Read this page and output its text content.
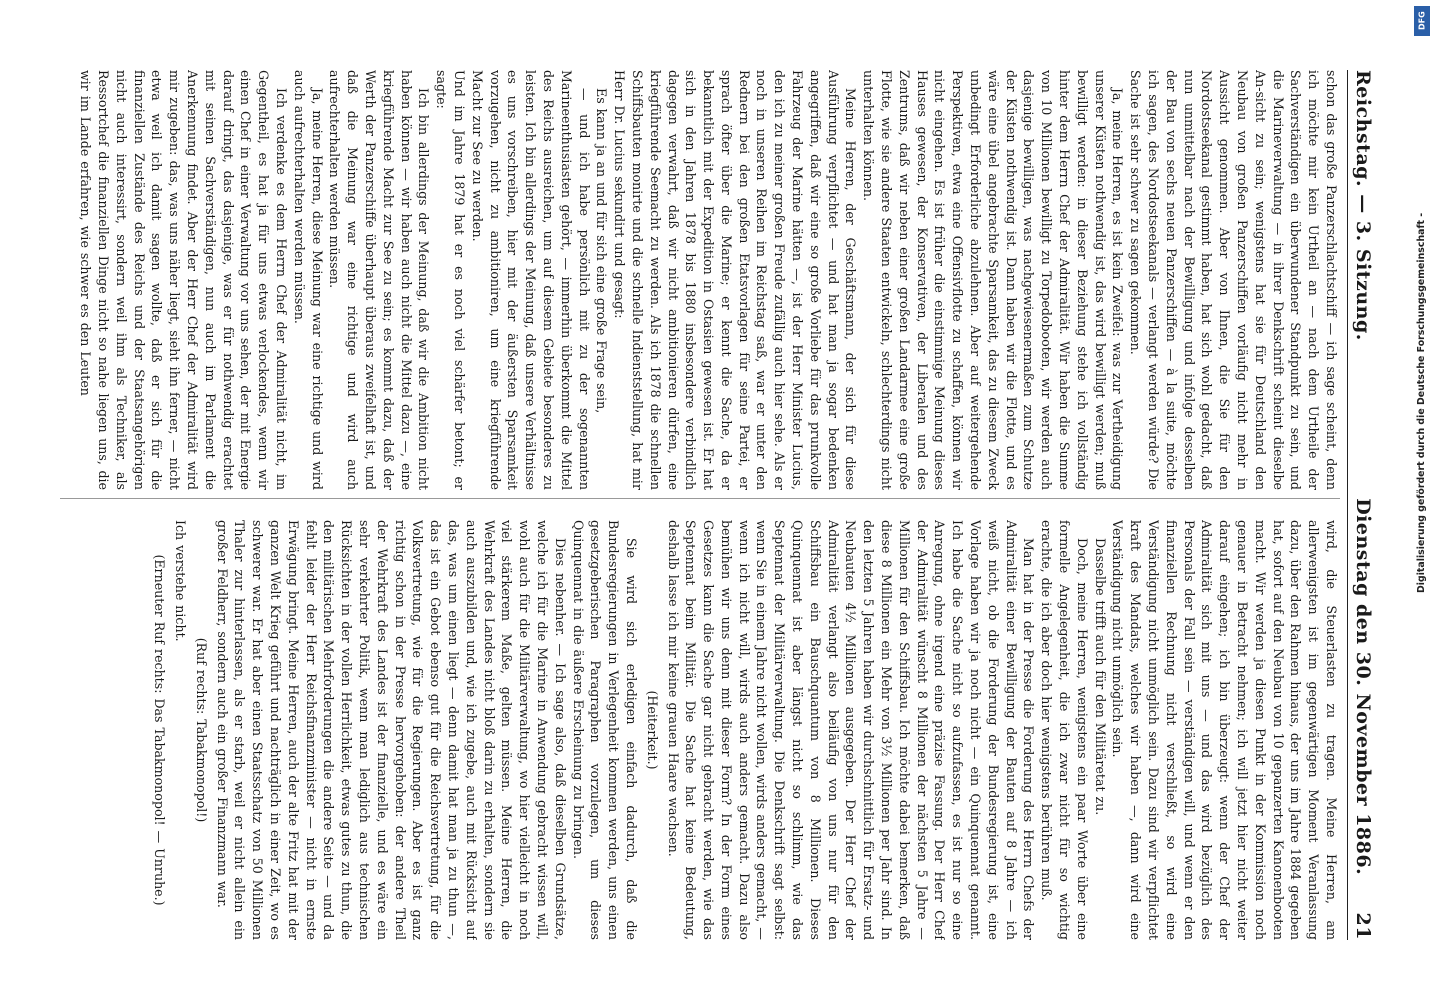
Reichstag. — 3. Sitzung.
Dienstag den 30. November 1886.
21

schon das große Panzerschlachtschiff — ich sage scheint, denn ich möchte mir kein Urtheil an — nach dem Urtheile der Sachverständigen ein überwundener Standpunkt zu sein, und die Marineverwaltung — in ihrer Denkschrift scheint dieselbe An-sicht zu sein; wenigstens hat sie für Deutschland den Neubau von großen Panzerschiffen vorläufig nicht mehr in Aussicht genommen. Aber von Ihnen, die Sie für den Nordostseekanal gestimmt haben, hat sich wohl gedacht, daß nun unmittelbar nach der Bewilligung und infolge desselben der Bau von sechs neuen Panzerschiffen — à la suite, möchte ich sagen, des Nordostseekanals — verlangt werden würde? Die Sache ist sehr schwer zu sagen gekommen.

Ja, meine Herren, es ist kein Zweifel: was zur Vertheidigung unserer Küsten nothwendig ist, das wird bewilligt werden; muß bewilligt werden: in dieser Beziehung stehe ich vollständig hinter dem Herrn Chef der Admiralität. Wir haben die Summe von 10 Millionen bewilligt zu Torpedobooten, wir werden auch dasjenige bewilligen, was nachgewiesenermaßen zum Schutze der Küsten nothwendig ist. Dann haben wir die Flotte, und es wäre eine übel angebrachte Sparsamkeit, das zu diesem Zweck unbedingt Erforderliche abzulehnen. Aber auf weitergehende Perspektiven, etwa eine Offensivflotte zu schaffen, können wir nicht eingehen. Es ist früher die einstimmige Meinung dieses Hauses gewesen, der Konservativen, der Liberalen und des Zentrums, daß wir neben einer großen Landarmee eine große Flotte, wie sie andere Staaten entwickeln, schlechterdings nicht unterhalten können.

Meine Herren, der Geschäftsmann, der sich für diese Ausführung verpflichtet — und hat man ja sogar bedenken angegriffen, daß wir eine so große Vorliebe für das prunkvolle Fahrzeug der Marine hätten —, ist der Herr Minister Lucius, den ich zu meiner großen Freude zufällig auch hier sehe. Als er noch in unseren Reihen im Reichstag saß, war er unter den Rednern bei den großen Etatsvorlagen für seine Partei, er sprach öfter über die Marine; er kennt die Sache, da er bekanntlich mit der Expedition in Ostasien gewesen ist. Er hat sich in den Jahren 1878 bis 1880 insbesondere verbindlich dagegen verwahrt, daß wir nicht ambitionieren dürfen, eine kriegführende Seemacht zu werden. Als ich 1878 die schnellen Schiffsbauten monirte und die schnelle Indienststellung, hat mir Herr Dr. Lucius sekundirt und gesagt:

Es kann ja an und für sich eine große Frage sein,

— und ich habe persönlich mit zu der sogenannten Marineenthusiasten gehört, — immerhin überkommt die Mittel des Reichs ausreichen, um auf diesem Gebiete besonderes zu leisten. Ich bin allerdings der Meinung, daß unsere Verhältnisse es uns vorschreiben, hier mit der äußersten Sparsamkeit vorzugehen, nicht zu ambitioniren, um eine kriegführende Macht zur See zu werden.

Und im Jahre 1879 hat er es noch viel schärfer betont; er sagte:

Ich bin allerdings der Meinung, daß wir die Ambition nicht haben können — wir haben auch nicht die Mittel dazu —, eine kriegführende Macht zur See zu sein; es kommt dazu, daß der Werth der Panzerschiffe überhaupt überaus zweifelhaft ist, und daß die Meinung war eine richtige und wird auch aufrechterhalten werden müssen.

Ja, meine Herren, diese Meinung war eine richtige und wird auch aufrechterhalten werden müssen.

Ich verdenke es dem Herrn Chef der Admiralität nicht, im Gegentheil, es hat ja für uns etwas verlockendes, wenn wir einen Chef in einer Verwaltung vor uns sehen, der mit Energie darauf dringt, das dasjenige, was er für nothwendig erachtet mit seinen Sachverständigen, nun auch im Parlament die Anerkennung findet. Aber der Herr Chef der Admiralität wird mir zugeben: das, was uns näher liegt, sieht ihn ferner, — nicht etwa weil ich damit sagen wollte, daß er sich für die finanziellen Zustände des Reichs und der Staatsangehörigen nicht auch interessirt, sondern weil ihm als Techniker, als Ressortchef die finanziellen Dinge nicht so nahe liegen uns, die wir im Lande erfahren, wie schwer es den Leuten

wird, die Steuerlasten zu tragen. Meine Herren, am allerwenigsten ist im gegenwärtigen Moment Veranlassung dazu, über den Rahmen hinaus, der uns im Jahre 1884 gegeben hat, sofort auf den Neubau von 10 gepanzerten Kanonenbooten macht. Wir werden ja diesen Punkt in der Kommission noch genauer in Betracht nehmen; ich will jetzt hier nicht weiter darauf eingehen; ich bin überzeugt: wenn der Chef der Admiralität sich mit uns — und das wird bezüglich des Personals der Fall sein — verständigen will, und wenn er den finanziellen Rechnung nicht verschließt, so wird eine Verständigung nicht unmöglich sein. Dazu sind wir verpflichtet kraft des Mandats, welches wir haben —, dann wird eine Verständigung nicht unmöglich sein.

Dasselbe trifft auch für den Militäretat zu.

Doch, meine Herren, wenigstens ein paar Worte über eine formelle Angelegenheit, die ich zwar nicht für so wichtig erachte, die ich aber doch hier wenigstens berühren muß.

Man hat in der Presse die Forderung des Herrn Chefs der Admiralität einer Bewilligung der Bauten auf 8 Jahre — ich weiß nicht, ob die Forderung der Bundesregierung ist, eine Vorlage haben wir ja noch nicht — ein Quinquennat genannt. Ich habe die Sache nicht so aufzufassen, es ist nur so eine Anregung, ohne irgend eine präzise Fassung. Der Herr Chef der Admiralität wünscht 8 Millionen der nächsten 5 Jahre — Millionen für den Schiffsbau. Ich möchte dabei bemerken, daß diese 8 Millionen ein Mehr von 3½ Millionen per Jahr sind. In den letzten 5 Jahren haben wir durchschnittlich für Ersatz- und Neubauten 4½ Millionen ausgegeben. Der Herr Chef der Admiralität verlangt also beiläufig von uns nur für den Schiffsbau ein Bauschquantum von 8 Millionen. Dieses Quinquennat ist aber längst nicht so schlimm, wie das Septennat der Militärverwaltung. Die Denkschrift sagt selbst: wenn Sie in einem Jahre nicht wollen, wirds anders gemacht, — wenn ich nicht will, wirds auch anders gemacht. Dazu also bemühen wir uns denn mit dieser Form? In der Form eines Gesetzes kann die Sache gar nicht gebracht werden, wie das Septennat beim Militär. Die Sache hat keine Bedeutung, deshalb lasse ich mir keine grauen Haare wachsen.

(Heiterkeit.)

Sie wird sich erledigen einfach dadurch, daß die Bundesregierungen in Verlegenheit kommen werden, uns einen gesetzgeberischen Paragraphen vorzulegen, um dieses Quinquennat in die äußere Erscheinung zu bringen.

Dies nebenher. — Ich sage also, daß dieselben Grundsätze, welche ich für die Marine in Anwendung gebracht wissen will, wohl auch für die Militärverwaltung, wo hier vielleicht in noch viel stärkerem Maße, gelten müssen. Meine Herren, die Wehrkraft des Landes nicht bloß darin zu erhalten, sondern sie auch auszubilden und, wie ich zugebe, auch mit Rücksicht auf das, was um einen liegt — denn damit hat man ja zu thun —, das ist ein Gebot ebenso gut für die Reichsvertretung, für die Volksvertretung, wie für die Regierungen. Aber es ist ganz richtig schon in der Presse hervorgehoben: der andere Theil der Wehrkraft des Landes ist der finanzielle, und es wäre ein sehr verkehrter Politik, wenn man lediglich aus technischen Rücksichten in der vollen Herrlichkeit, etwas gutes zu thun, die den militärischen Mehrforderungen die andere Seite — und da fehlt leider der Herr Reichsfinanzminister — nicht in ernste Erwägung bringt. Meine Herren, auch der alte Fritz hat mit der ganzen Welt Krieg geführt und nachträglich in einer Zeit, wo es schwerer war. Er hat aber einen Staatsschatz von 50 Millionen Thaler zur hinterlassen, als er starb, weil er nicht allein ein großer Feldherr, sondern auch ein großer Finanzmann war.

(Ruf rechts: Tabakmonopol!)

Ich verstehe nicht.

(Erneuter Ruf rechts: Das Tabakmonopol! — Unruhe.)

DFG
Digitalisierung gefördert durch die Deutsche Forschungsgemeinschaft -
